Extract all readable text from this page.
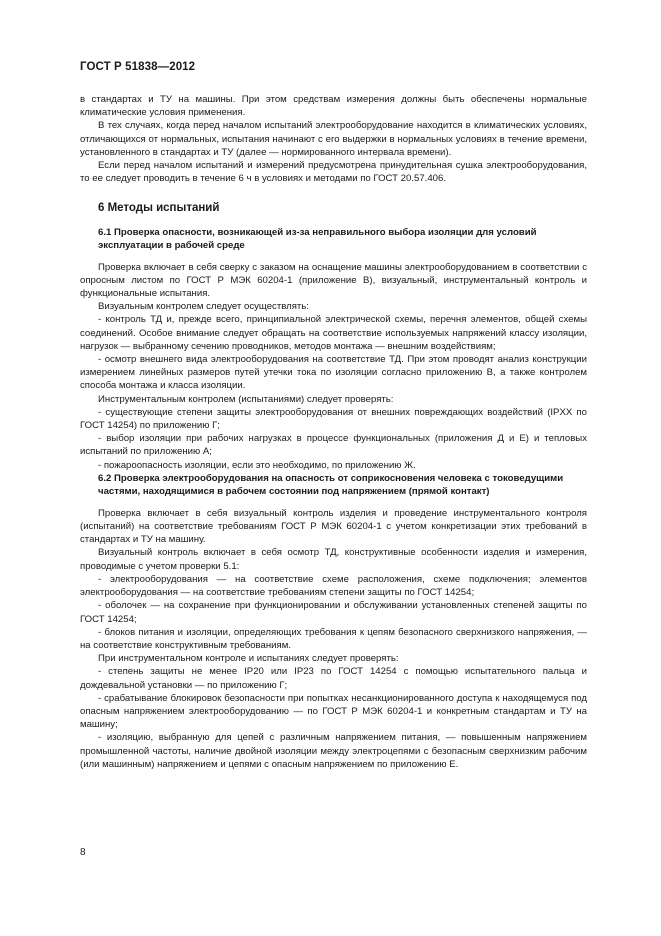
ГОСТ Р 51838—2012

в стандартах и ТУ на машины. При этом средствам измерения должны быть обеспечены нормальные климатические условия применения.

В тех случаях, когда перед началом испытаний электрооборудование находится в климатических условиях, отличающихся от нормальных, испытания начинают с его выдержки в нормальных условиях в течение времени, установленного в стандартах и ТУ (далее — нормированного интервала времени).

Если перед началом испытаний и измерений предусмотрена принудительная сушка электрооборудования, то ее следует проводить в течение 6 ч в условиях и методами по ГОСТ 20.57.406.

6 Методы испытаний
6.1 Проверка опасности, возникающей из-за неправильного выбора изоляции для условий эксплуатации в рабочей среде

Проверка включает в себя сверку с заказом на оснащение машины электрооборудованием в соответствии с опросным листом по ГОСТ Р МЭК 60204-1 (приложение В), визуальный, инструментальный контроль и функциональные испытания.

Визуальным контролем следует осуществлять:

- контроль ТД и, прежде всего, принципиальной электрической схемы, перечня элементов, общей схемы соединений. Особое внимание следует обращать на соответствие используемых напряжений классу изоляции, нагрузок — выбранному сечению проводников, методов монтажа — внешним воздействиям;

- осмотр внешнего вида электрооборудования на соответствие ТД. При этом проводят анализ конструкции измерением линейных размеров путей утечки тока по изоляции согласно приложению В, а также контролем способа монтажа и класса изоляции.

Инструментальным контролем (испытаниями) следует проверять:

- существующие степени защиты электрооборудования от внешних повреждающих воздействий (IPXX по ГОСТ 14254) по приложению Г;

- выбор изоляции при рабочих нагрузках в процессе функциональных (приложения Д и Е) и тепловых испытаний по приложению А;

- пожароопасность изоляции, если это необходимо, по приложению Ж.

6.2 Проверка электрооборудования на опасность от соприкосновения человека с токоведущими частями, находящимися в рабочем состоянии под напряжением (прямой контакт)

Проверка включает в себя визуальный контроль изделия и проведение инструментального контроля (испытаний) на соответствие требованиям ГОСТ Р МЭК 60204-1 с учетом конкретизации этих требований в стандартах и ТУ на машину.

Визуальный контроль включает в себя осмотр ТД, конструктивные особенности изделия и измерения, проводимые с учетом проверки 5.1:

- электрооборудования — на соответствие схеме расположения, схеме подключения; элементов электрооборудования — на соответствие требованиям степени защиты по ГОСТ 14254;

- оболочек — на сохранение при функционировании и обслуживании установленных степеней защиты по ГОСТ 14254;

- блоков питания и изоляции, определяющих требования к цепям безопасного сверхнизкого напряжения, — на соответствие конструктивным требованиям.

При инструментальном контроле и испытаниях следует проверять:

- степень защиты не менее IP20 или IP23 по ГОСТ 14254 с помощью испытательного пальца и дождевальной установки — по приложению Г;

- срабатывание блокировок безопасности при попытках несанкционированного доступа к находящемуся под опасным напряжением электрооборудованию — по ГОСТ Р МЭК 60204-1 и конкретным стандартам и ТУ на машину;

- изоляцию, выбранную для цепей с различным напряжением питания, — повышенным напряжением промышленной частоты, наличие двойной изоляции между электроцепями с безопасным сверхнизким рабочим (или машинным) напряжением и цепями с опасным напряжением по приложению Е.

8
